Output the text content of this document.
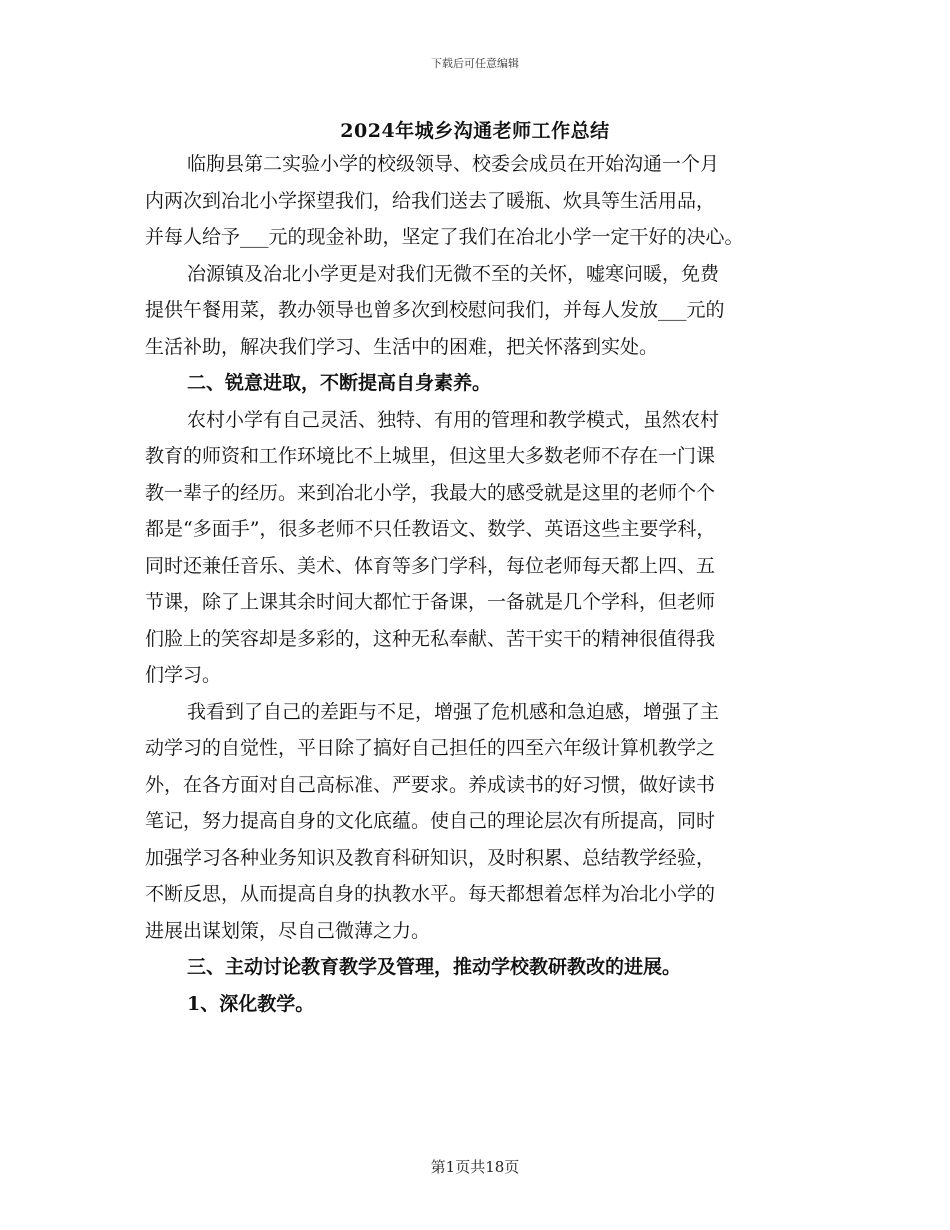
下载后可任意编辑
2024年城乡沟通老师工作总结
临朐县第二实验小学的校级领导、校委会成员在开始沟通一个月
内两次到冶北小学探望我们，给我们送去了暖瓶、炊具等生活用品，
并每人给予___元的现金补助，坚定了我们在冶北小学一定干好的决心。
冶源镇及冶北小学更是对我们无微不至的关怀，嘘寒问暖，免费
提供午餐用菜，教办领导也曾多次到校慰问我们，并每人发放___元的
生活补助，解决我们学习、生活中的困难，把关怀落到实处。
二、锐意进取，不断提高自身素养。
农村小学有自己灵活、独特、有用的管理和教学模式，虽然农村
教育的师资和工作环境比不上城里，但这里大多数老师不存在一门课
教一辈子的经历。来到冶北小学，我最大的感受就是这里的老师个个
都是“多面手”，很多老师不只任教语文、数学、英语这些主要学科，
同时还兼任音乐、美术、体育等多门学科，每位老师每天都上四、五
节课，除了上课其余时间大都忙于备课，一备就是几个学科，但老师
们脸上的笑容却是多彩的，这种无私奉献、苦干实干的精神很值得我
们学习。
我看到了自己的差距与不足，增强了危机感和急迫感，增强了主
动学习的自觉性，平日除了搞好自己担任的四至六年级计算机教学之
外，在各方面对自己高标准、严要求。养成读书的好习惯，做好读书
笔记，努力提高自身的文化底蕴。使自己的理论层次有所提高，同时
加强学习各种业务知识及教育科研知识，及时积累、总结教学经验，
不断反思，从而提高自身的执教水平。每天都想着怎样为冶北小学的
进展出谋划策，尽自己微薄之力。
三、主动讨论教育教学及管理，推动学校教研教改的进展。
1、深化教学。
第1页共18页
